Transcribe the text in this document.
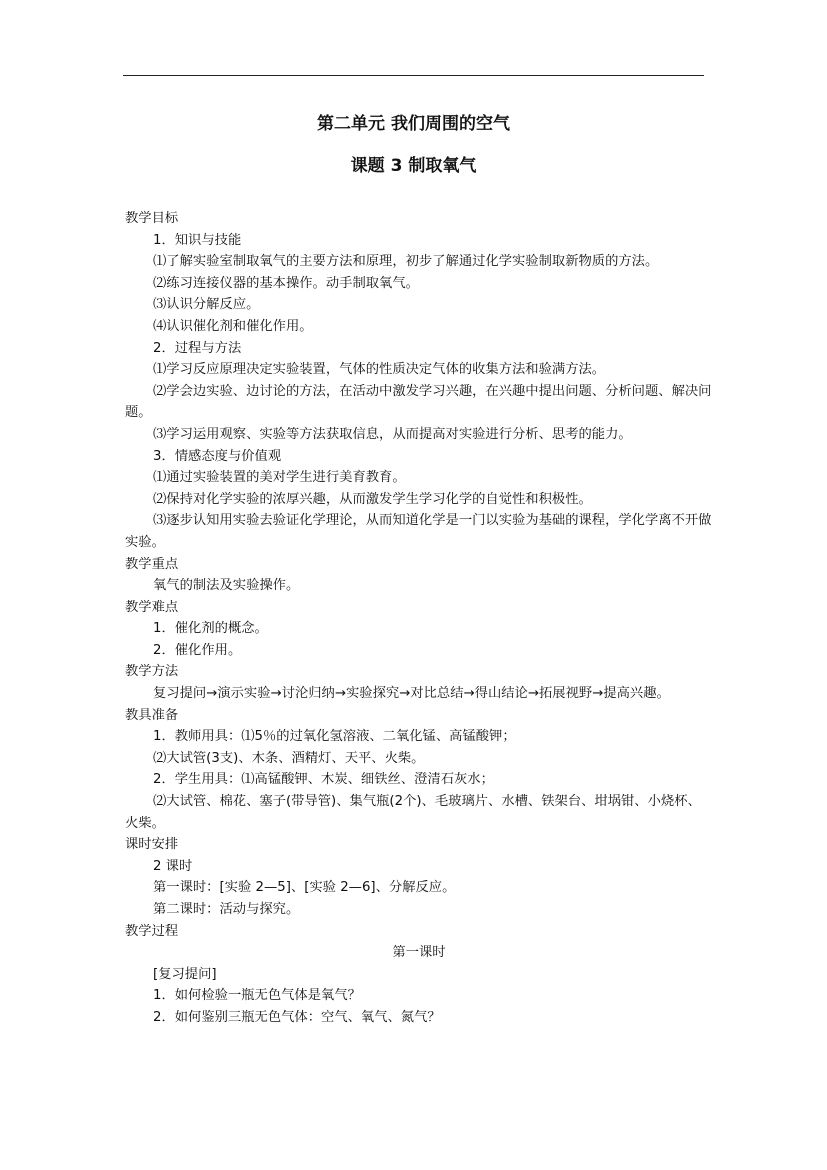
第二单元 我们周围的空气
课题 3 制取氧气
教学目标
1．知识与技能
⑴了解实验室制取氧气的主要方法和原理，初步了解通过化学实验制取新物质的方法。
⑵练习连接仪器的基本操作。动手制取氧气。
⑶认识分解反应。
⑷认识催化剂和催化作用。
2．过程与方法
⑴学习反应原理决定实验装置，气体的性质决定气体的收集方法和验满方法。
⑵学会边实验、边讨论的方法，在活动中激发学习兴趣，在兴趣中提出问题、分析问题、解决问题。
⑶学习运用观察、实验等方法获取信息，从而提高对实验进行分析、思考的能力。
3．情感态度与价值观
⑴通过实验装置的美对学生进行美育教育。
⑵保持对化学实验的浓厚兴趣，从而激发学生学习化学的自觉性和积极性。
⑶逐步认知用实验去验证化学理论，从而知道化学是一门以实验为基础的课程，学化学离不开做实验。
教学重点
氧气的制法及实验操作。
教学难点
1．催化剂的概念。
2．催化作用。
教学方法
复习提问→演示实验→讨沦归纳→实验探究→对比总结→得山结论→拓展视野→提高兴趣。
教具准备
1．教师用具：⑴5％的过氧化氢溶液、二氧化锰、高锰酸钾；
⑵大试管(3支)、木条、酒精灯、天平、火柴。
2．学生用具：⑴高锰酸钾、木炭、细铁丝、澄清石灰水；
⑵大试管、棉花、塞子(带导管)、集气瓶(2个)、毛玻璃片、水槽、铁架台、坩埚钳、小烧杯、火柴。
课时安排
2 课时
第一课时：[实验 2—5]、[实验 2—6]、分解反应。
第二课时：活动与探究。
教学过程
第一课时
[复习提问]
1．如何检验一瓶无色气体是氧气？
2．如何鉴别三瓶无色气体：空气、氧气、氮气？
